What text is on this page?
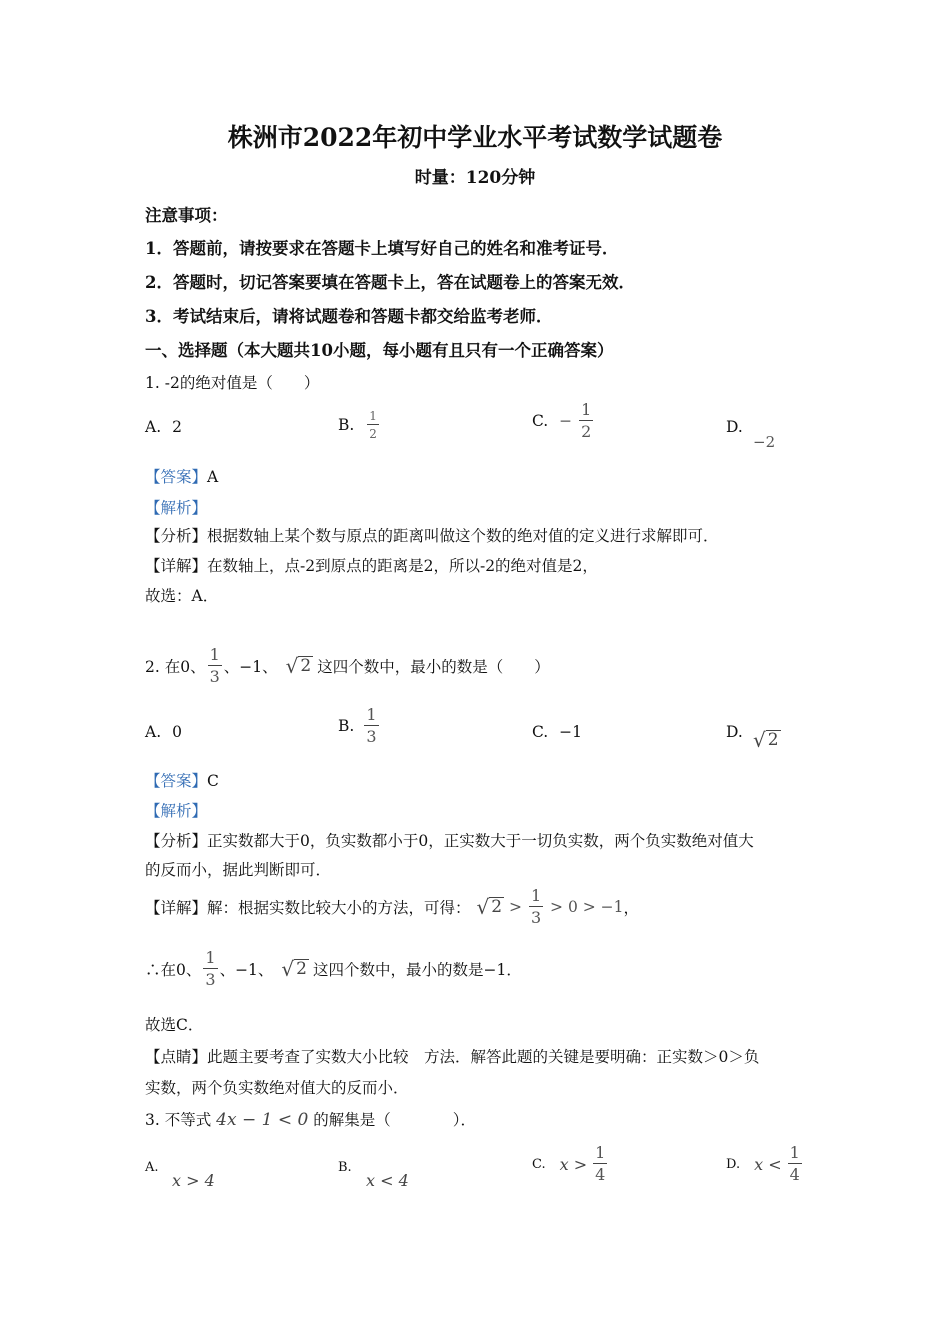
株洲市2022年初中学业水平考试数学试题卷
时量：120分钟
注意事项：
1．答题前，请按要求在答题卡上填写好自己的姓名和准考证号．
2．答题时，切记答案要填在答题卡上，答在试题卷上的答案无效．
3．考试结束后，请将试题卷和答题卡都交给监考老师．
一、选择题（本大题共10小题，每小题有且只有一个正确答案）
1. -2的绝对值是（　　）
A. 2	B. $\frac{1}{2}$	C. − $\frac{1}{2}$	D.
−2
【答案】A
【解析】
【分析】根据数轴上某个数与原点的距离叫做这个数的绝对值的定义进行求解即可．
【详解】在数轴上，点-2到原点的距离是2，所以-2的绝对值是2，
故选：A．
2. 在0、 $\frac{1}{3}$ 、−1、 √ 2 这四个数中，最小的数是（　　）
A. 0	B. $\frac{1}{3}$	C. −1	D. √ 2
【答案】C
【解析】
【分析】正实数都大于0，负实数都小于0，正实数大于一切负实数，两个负实数绝对值大
的反而小，据此判断即可．
【详解】解：根据实数比较大小的方法，可得： √ $2 > \frac{1}{3} > 0 > -1$ ，
∴在0、 $\frac{1}{3}$ 、−1、 √ 2 这四个数中，最小的数是−1．
故选C．
【点睛】此题主要考查了实数大小比较　方法．解答此题的关键是要明确：正实数＞0＞负
实数，两个负实数绝对值大的反而小．
3. 不等式 4x − 1 < 0 的解集是（　　　　）．
A.
x > 4
B.
x < 4
C. $x > \frac{1}{4}$	D. $x < \frac{1}{4}$
